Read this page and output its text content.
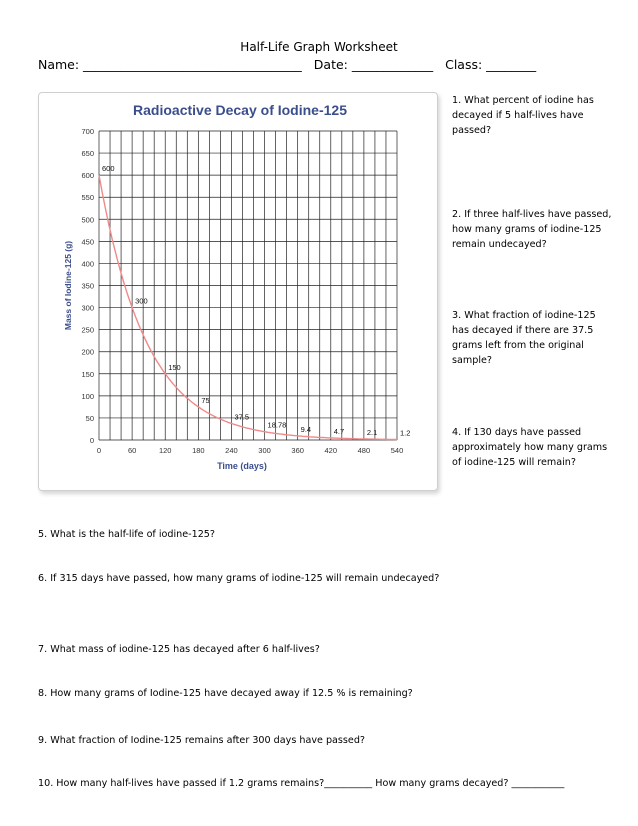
Half-Life Graph Worksheet
Name: ___________________________________ Date: _____________ Class: ________
Radioactive Decay of Iodine-125
0
50
100
150
200
250
300
350
400
450
500
550
600
650
700
0	60	120	180	240	300	360	420	480	540
Time (days)
Mass of Iodine-125 (g)
600
300
150
75
37.5
18.78 9.4	4.7	2.1	1.2
1. What percent of iodine has decayed if 5 half-lives have passed?
2. If three half-lives have passed, how many grams of iodine-125 remain undecayed?
3. What fraction of iodine-125 has decayed if there are 37.5 grams left from the original sample?
4. If 130 days have passed approximately how many grams of iodine-125 will remain?
5. What is the half-life of iodine-125?
6. If 315 days have passed, how many grams of iodine-125 will remain undecayed?
7. What mass of iodine-125 has decayed after 6 half-lives?
8. How many grams of Iodine-125 have decayed away if 12.5 % is remaining?
9. What fraction of Iodine-125 remains after 300 days have passed?
10. How many half-lives have passed if 1.2 grams remains?__________ How many grams decayed? ___________
